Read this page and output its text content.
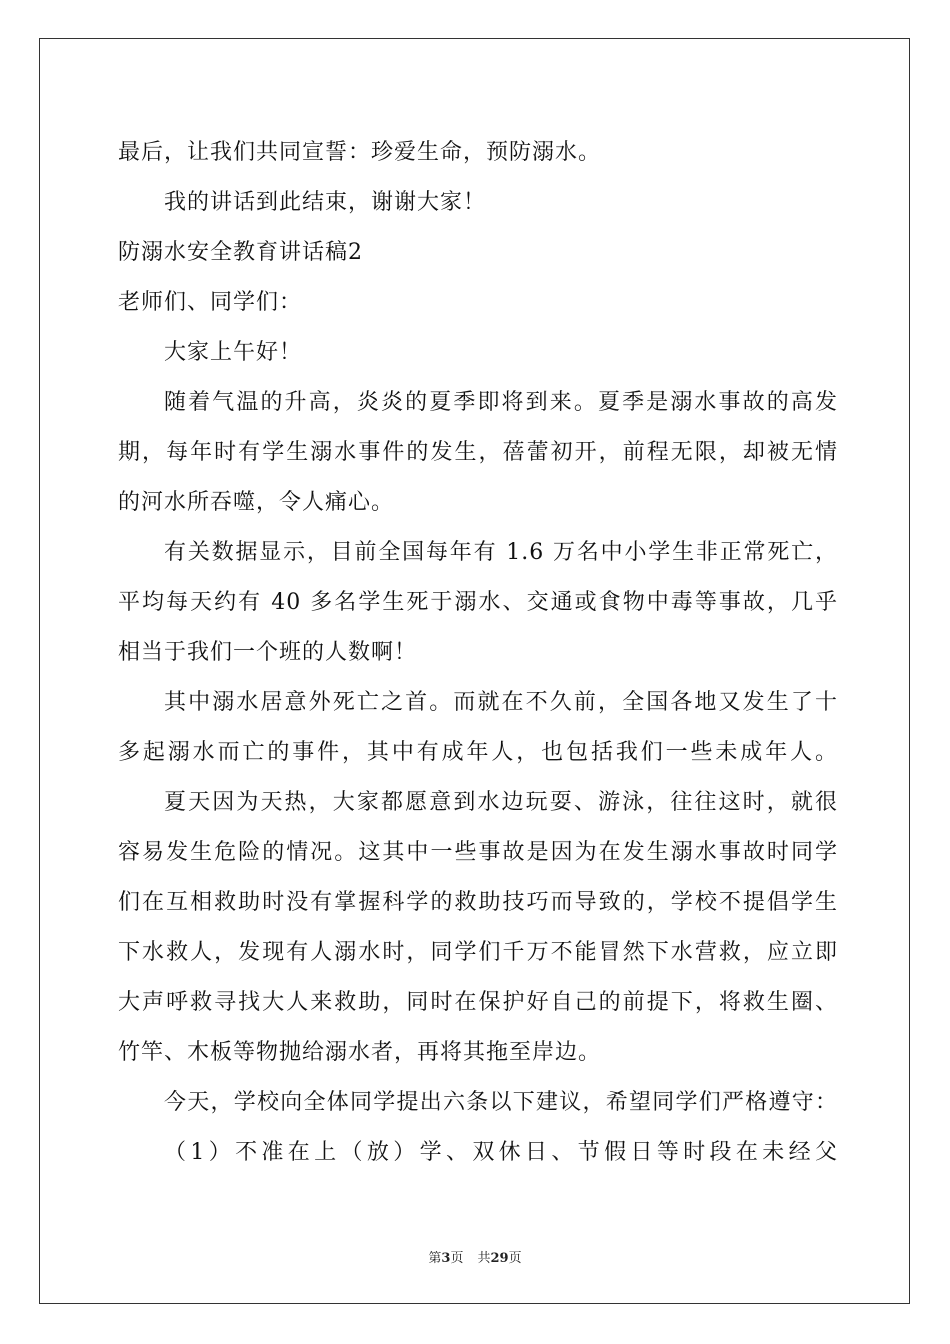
最后，让我们共同宣誓：珍爱生命，预防溺水。
我的讲话到此结束，谢谢大家！
防溺水安全教育讲话稿2
老师们、同学们：
大家上午好！
随着气温的升高，炎炎的夏季即将到来。夏季是溺水事故的高发
期，每年时有学生溺水事件的发生，蓓蕾初开，前程无限，却被无情
的河水所吞噬，令人痛心。
有关数据显示，目前全国每年有 1.6 万名中小学生非正常死亡，
平均每天约有 40 多名学生死于溺水、交通或食物中毒等事故，几乎
相当于我们一个班的人数啊！
其中溺水居意外死亡之首。而就在不久前，全国各地又发生了十
多起溺水而亡的事件，其中有成年人，也包括我们一些未成年人。
夏天因为天热，大家都愿意到水边玩耍、游泳，往往这时，就很
容易发生危险的情况。这其中一些事故是因为在发生溺水事故时同学
们在互相救助时没有掌握科学的救助技巧而导致的，学校不提倡学生
下水救人，发现有人溺水时，同学们千万不能冒然下水营救，应立即
大声呼救寻找大人来救助，同时在保护好自己的前提下，将救生圈、
竹竿、木板等物抛给溺水者，再将其拖至岸边。
今天，学校向全体同学提出六条以下建议，希望同学们严格遵守：
（1）不准在上（放）学、双休日、节假日等时段在未经父
第3页 共29页
